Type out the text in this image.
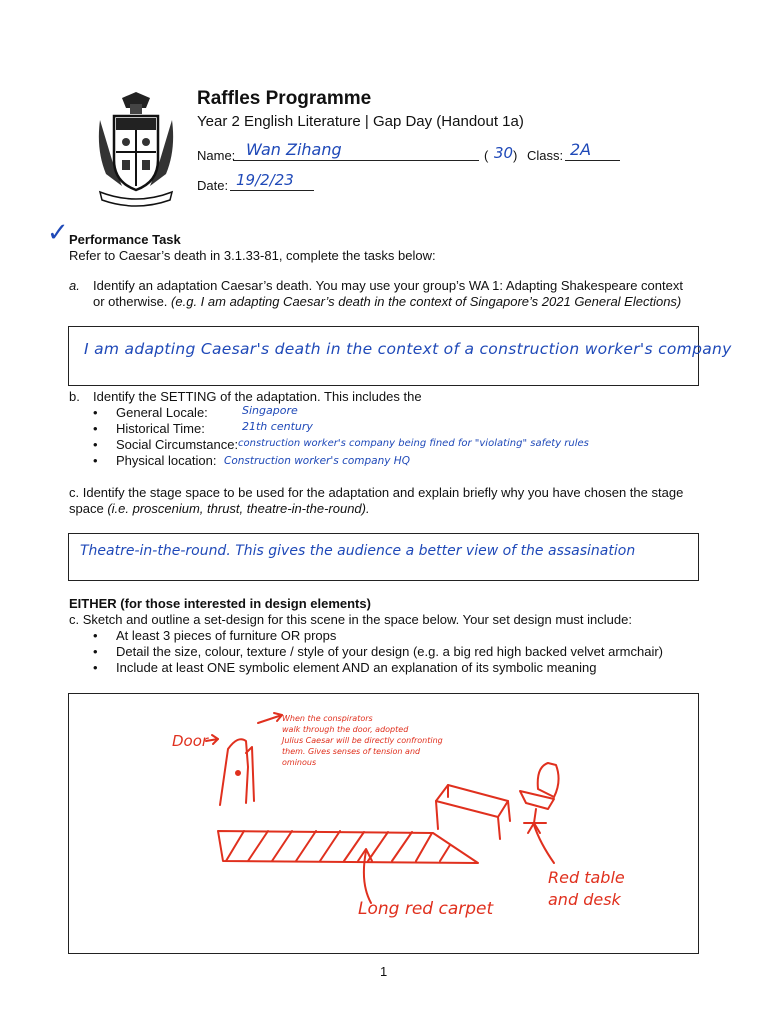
Raffles Programme
Year 2 English Literature | Gap Day (Handout 1a)
Name: Wan Zihang	( 30 ) Class: 2A
Date: 19/2/23
✓ Performance Task
Refer to Caesar’s death in 3.1.33-81, complete the tasks below:
a. Identify an adaptation Caesar’s death. You may use your group’s WA 1: Adapting Shakespeare context
or otherwise. (e.g. I am adapting Caesar’s death in the context of Singapore’s 2021 General Elections)
I am adapting Caesar's death in the context of a construction worker's company
b. Identify the SETTING of the adaptation. This includes the
• General Locale:	Singapore
• Historical Time:	21th century
• Social Circumstance: construction worker's company being fined for "violating" safety rules
• Physical location: Construction worker's company HQ
c. Identify the stage space to be used for the adaptation and explain briefly why you have chosen the stage
space (i.e. proscenium, thrust, theatre-in-the-round).
Theatre-in-the-round. This gives the audience a better view of the assasination
EITHER (for those interested in design elements)
c. Sketch and outline a set-design for this scene in the space below. Your set design must include:
• At least 3 pieces of furniture OR props
• Detail the size, colour, texture / style of your design (e.g. a big red high backed velvet armchair)
• Include at least ONE symbolic element AND an explanation of its symbolic meaning
Door
When the conspirators
walk through the door, adopted
Julius Caesar will be directly confronting
them. Gives senses of tension and
ominous
Long red carpet
Red table
and desk
1
